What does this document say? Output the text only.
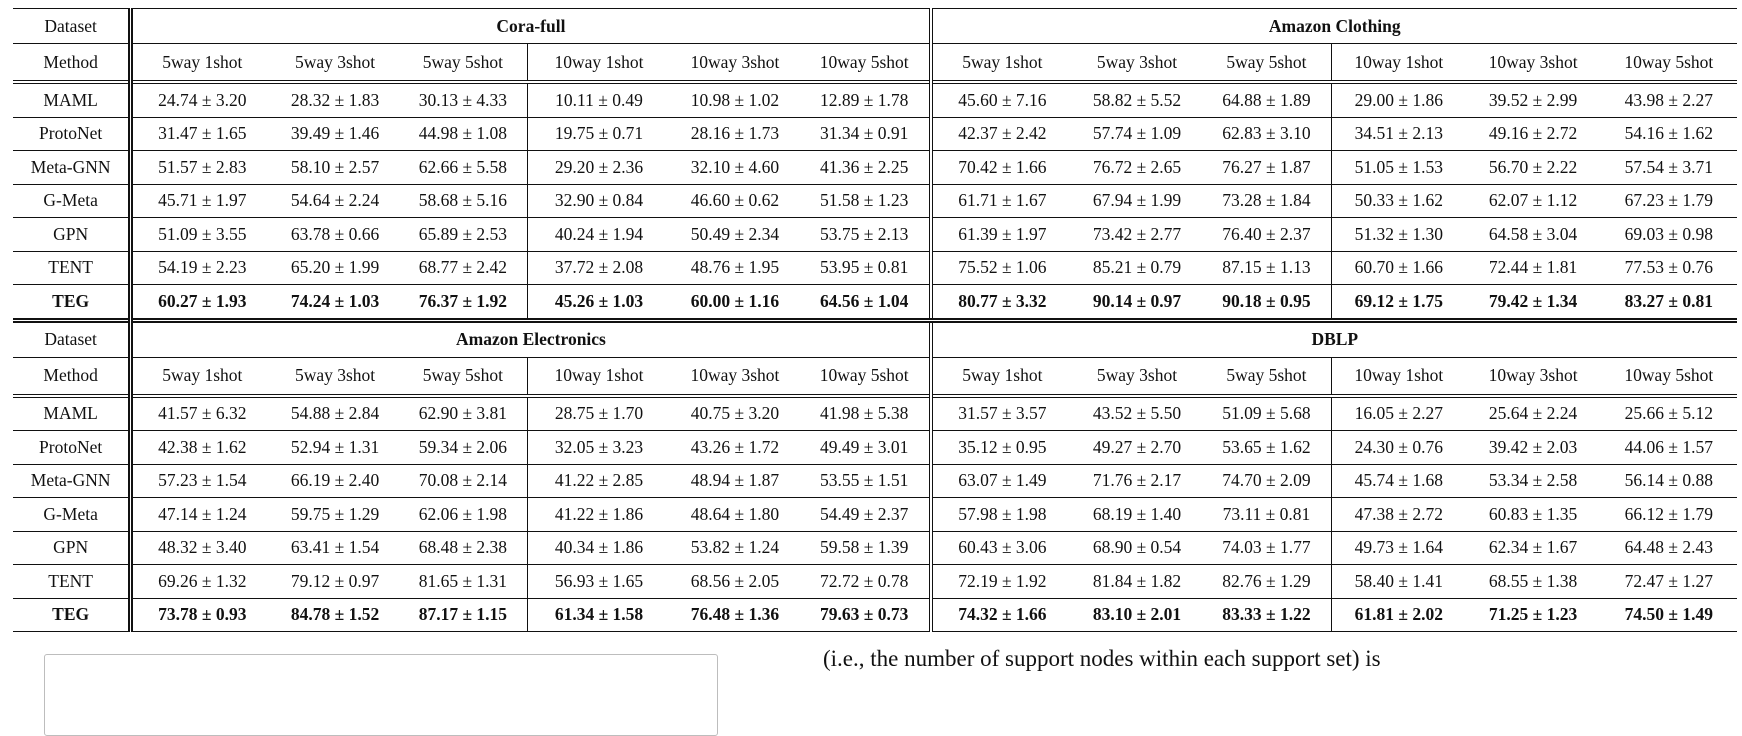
Dataset	Cora-full						Amazon Clothing					
Method	5way 1shot	5way 3shot	5way 5shot	10way 1shot	10way 3shot	10way 5shot	5way 1shot	5way 3shot	5way 5shot	10way 1shot	10way 3shot	10way 5shot
MAML	24.74 ± 3.20	28.32 ± 1.83	30.13 ± 4.33	10.11 ± 0.49	10.98 ± 1.02	12.89 ± 1.78	45.60 ± 7.16	58.82 ± 5.52	64.88 ± 1.89	29.00 ± 1.86	39.52 ± 2.99	43.98 ± 2.27
ProtoNet	31.47 ± 1.65	39.49 ± 1.46	44.98 ± 1.08	19.75 ± 0.71	28.16 ± 1.73	31.34 ± 0.91	42.37 ± 2.42	57.74 ± 1.09	62.83 ± 3.10	34.51 ± 2.13	49.16 ± 2.72	54.16 ± 1.62
Meta-GNN	51.57 ± 2.83	58.10 ± 2.57	62.66 ± 5.58	29.20 ± 2.36	32.10 ± 4.60	41.36 ± 2.25	70.42 ± 1.66	76.72 ± 2.65	76.27 ± 1.87	51.05 ± 1.53	56.70 ± 2.22	57.54 ± 3.71
G-Meta	45.71 ± 1.97	54.64 ± 2.24	58.68 ± 5.16	32.90 ± 0.84	46.60 ± 0.62	51.58 ± 1.23	61.71 ± 1.67	67.94 ± 1.99	73.28 ± 1.84	50.33 ± 1.62	62.07 ± 1.12	67.23 ± 1.79
GPN	51.09 ± 3.55	63.78 ± 0.66	65.89 ± 2.53	40.24 ± 1.94	50.49 ± 2.34	53.75 ± 2.13	61.39 ± 1.97	73.42 ± 2.77	76.40 ± 2.37	51.32 ± 1.30	64.58 ± 3.04	69.03 ± 0.98
TENT	54.19 ± 2.23	65.20 ± 1.99	68.77 ± 2.42	37.72 ± 2.08	48.76 ± 1.95	53.95 ± 0.81	75.52 ± 1.06	85.21 ± 0.79	87.15 ± 1.13	60.70 ± 1.66	72.44 ± 1.81	77.53 ± 0.76
TEG	60.27 ± 1.93	74.24 ± 1.03	76.37 ± 1.92	45.26 ± 1.03	60.00 ± 1.16	64.56 ± 1.04	80.77 ± 3.32	90.14 ± 0.97	90.18 ± 0.95	69.12 ± 1.75	79.42 ± 1.34	83.27 ± 0.81
Dataset	Amazon Electronics						DBLP					
Method	5way 1shot	5way 3shot	5way 5shot	10way 1shot	10way 3shot	10way 5shot	5way 1shot	5way 3shot	5way 5shot	10way 1shot	10way 3shot	10way 5shot
MAML	41.57 ± 6.32	54.88 ± 2.84	62.90 ± 3.81	28.75 ± 1.70	40.75 ± 3.20	41.98 ± 5.38	31.57 ± 3.57	43.52 ± 5.50	51.09 ± 5.68	16.05 ± 2.27	25.64 ± 2.24	25.66 ± 5.12
ProtoNet	42.38 ± 1.62	52.94 ± 1.31	59.34 ± 2.06	32.05 ± 3.23	43.26 ± 1.72	49.49 ± 3.01	35.12 ± 0.95	49.27 ± 2.70	53.65 ± 1.62	24.30 ± 0.76	39.42 ± 2.03	44.06 ± 1.57
Meta-GNN	57.23 ± 1.54	66.19 ± 2.40	70.08 ± 2.14	41.22 ± 2.85	48.94 ± 1.87	53.55 ± 1.51	63.07 ± 1.49	71.76 ± 2.17	74.70 ± 2.09	45.74 ± 1.68	53.34 ± 2.58	56.14 ± 0.88
G-Meta	47.14 ± 1.24	59.75 ± 1.29	62.06 ± 1.98	41.22 ± 1.86	48.64 ± 1.80	54.49 ± 2.37	57.98 ± 1.98	68.19 ± 1.40	73.11 ± 0.81	47.38 ± 2.72	60.83 ± 1.35	66.12 ± 1.79
GPN	48.32 ± 3.40	63.41 ± 1.54	68.48 ± 2.38	40.34 ± 1.86	53.82 ± 1.24	59.58 ± 1.39	60.43 ± 3.06	68.90 ± 0.54	74.03 ± 1.77	49.73 ± 1.64	62.34 ± 1.67	64.48 ± 2.43
TENT	69.26 ± 1.32	79.12 ± 0.97	81.65 ± 1.31	56.93 ± 1.65	68.56 ± 2.05	72.72 ± 0.78	72.19 ± 1.92	81.84 ± 1.82	82.76 ± 1.29	58.40 ± 1.41	68.55 ± 1.38	72.47 ± 1.27
TEG	73.78 ± 0.93	84.78 ± 1.52	87.17 ± 1.15	61.34 ± 1.58	76.48 ± 1.36	79.63 ± 0.73	74.32 ± 1.66	83.10 ± 2.01	83.33 ± 1.22	61.81 ± 2.02	71.25 ± 1.23	74.50 ± 1.49
(i.e., the number of support nodes within each support set) is
